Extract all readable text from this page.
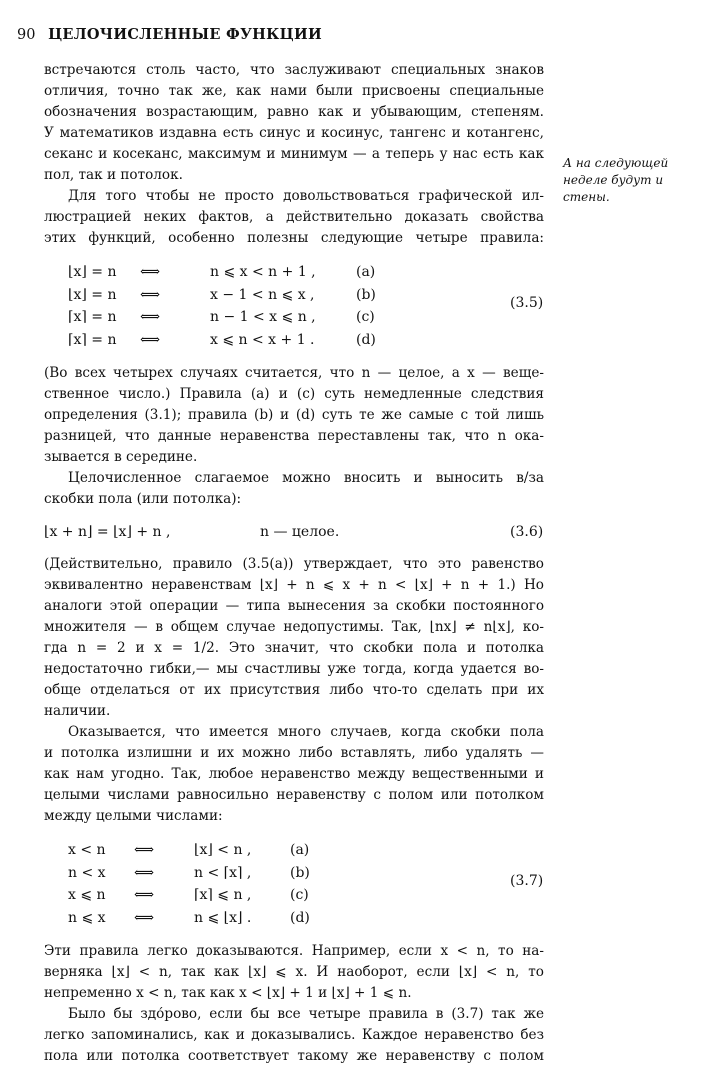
90 ЦЕЛОЧИСЛЕННЫЕ ФУНКЦИИ
А на следующей
неделе будут и
стены.
встречаются столь часто, что заслуживают специальных знаков
отличия, точно так же, как нами были присвоены специальные
обозначения возрастающим, равно как и убывающим, степеням.
У математиков издавна есть синус и косинус, тангенс и котангенс,
секанс и косеканс, максимум и минимум — а теперь у нас есть как
пол, так и потолок.
Для того чтобы не просто довольствоваться графической ил-
люстрацией неких фактов, а действительно доказать свойства
этих функций, особенно полезны следующие четыре правила:
⌊x⌋ = n ⟺	n ⩽ x < n + 1 ,	(a)
⌊x⌋ = n ⟺	x − 1 < n ⩽ x ,	(b)
⌈x⌉ = n ⟺	n − 1 < x ⩽ n ,	(c)
⌈x⌉ = n ⟺	x ⩽ n < x + 1 .	(d)
(3.5)
(Во всех четырех случаях считается, что n — целое, а x — веще-
ственное число.) Правила (a) и (c) суть немедленные следствия
определения (3.1); правила (b) и (d) суть те же самые с той лишь
разницей, что данные неравенства переставлены так, что n ока-
зывается в середине.
Целочисленное слагаемое можно вносить и выносить в/за
скобки пола (или потолка):
⌊x + n⌋ = ⌊x⌋ + n ,	n — целое.	(3.6)
(Действительно, правило (3.5(a)) утверждает, что это равенство
эквивалентно неравенствам ⌊x⌋ + n ⩽ x + n < ⌊x⌋ + n + 1.) Но
аналоги этой операции — типа вынесения за скобки постоянного
множителя — в общем случае недопустимы. Так, ⌊nx⌋ ≠ n⌊x⌋, ко-
гда n = 2 и x = 1/2. Это значит, что скобки пола и потолка
недостаточно гибки,— мы счастливы уже тогда, когда удается во-
обще отделаться от их присутствия либо что-то сделать при их
наличии.
Оказывается, что имеется много случаев, когда скобки пола
и потолка излишни и их можно либо вставлять, либо удалять —
как нам угодно. Так, любое неравенство между вещественными и
целыми числами равносильно неравенству с полом или потолком
между целыми числами:
x < n ⟺	⌊x⌋ < n ,	(a)
n < x ⟺	n < ⌈x⌉ ,	(b)
x ⩽ n ⟺	⌈x⌉ ⩽ n ,	(c)
n ⩽ x ⟺	n ⩽ ⌊x⌋ .	(d)
(3.7)
Эти правила легко доказываются. Например, если x < n, то на-
верняка ⌊x⌋ < n, так как ⌊x⌋ ⩽ x. И наоборот, если ⌊x⌋ < n, то
непременно x < n, так как x < ⌊x⌋ + 1 и ⌊x⌋ + 1 ⩽ n.
Было бы здо́рово, если бы все четыре правила в (3.7) так же
легко запоминались, как и доказывались. Каждое неравенство без
пола или потолка соответствует такому же неравенству с полом
